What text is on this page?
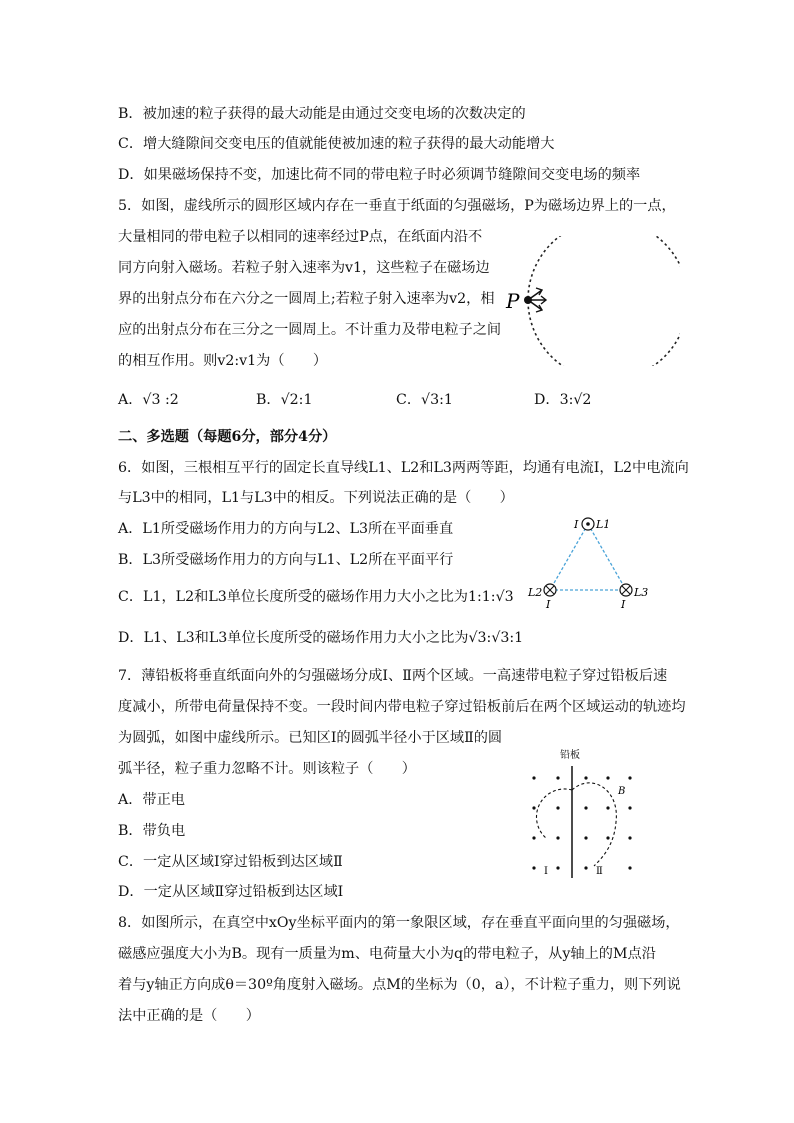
B．被加速的粒子获得的最大动能是由通过交变电场的次数决定的
C．增大缝隙间交变电压的值就能使被加速的粒子获得的最大动能增大
D．如果磁场保持不变，加速比荷不同的带电粒子时必须调节缝隙间交变电场的频率
5．如图，虚线所示的圆形区域内存在一垂直于纸面的匀强磁场，P为磁场边界上的一点，
大量相同的带电粒子以相同的速率经过P点，在纸面内沿不
同方向射入磁场。若粒子射入速率为v1，这些粒子在磁场边
界的出射点分布在六分之一圆周上;若粒子射入速率为v2，相
应的出射点分布在三分之一圆周上。不计重力及带电粒子之间
的相互作用。则v2:v1为（　　）
A．√3 :2	B．√2:1	C．√3:1	D．3:√2
P
二、多选题（每题6分，部分4分）
6．如图，三根相互平行的固定长直导线L1、L2和L3两两等距，均通有电流I，L2中电流向
与L3中的相同，L1与L3中的相反。下列说法正确的是（　　）
A．L1所受磁场作用力的方向与L2、L3所在平面垂直
B．L3所受磁场作用力的方向与L1、L2所在平面平行
C．L1，L2和L3单位长度所受的磁场作用力大小之比为1:1:√3
D．L1、L3和L3单位长度所受的磁场作用力大小之比为√3:√3:1
I L1
L2
I
L3
I
7．薄铅板将垂直纸面向外的匀强磁场分成Ⅰ、Ⅱ两个区域。一高速带电粒子穿过铅板后速
度减小，所带电荷量保持不变。一段时间内带电粒子穿过铅板前后在两个区域运动的轨迹均
为圆弧，如图中虚线所示。已知区Ⅰ的圆弧半径小于区域Ⅱ的圆
弧半径，粒子重力忽略不计。则该粒子（　　）
A．带正电
B．带负电
C．一定从区域Ⅰ穿过铅板到达区域Ⅱ
D．一定从区域Ⅱ穿过铅板到达区域Ⅰ
铅板
B
Ⅰ	Ⅱ
8．如图所示，在真空中xOy坐标平面内的第一象限区域，存在垂直平面向里的匀强磁场，
磁感应强度大小为B。现有一质量为m、电荷量大小为q的带电粒子，从y轴上的M点沿
着与y轴正方向成θ＝30º角度射入磁场。点M的坐标为（0，a），不计粒子重力，则下列说
法中正确的是（　　）
